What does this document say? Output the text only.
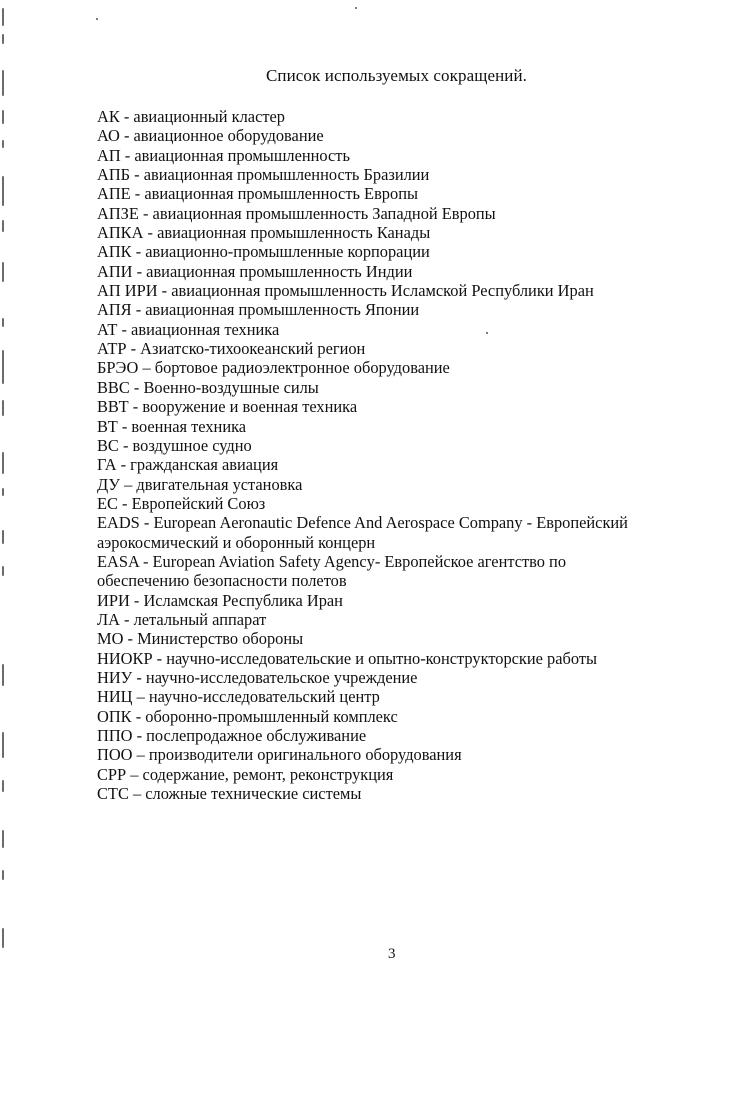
Список используемых сокращений.
АК - авиационный кластер
АО - авиационное оборудование
АП - авиационная промышленность
АПБ - авиационная промышленность Бразилии
АПЕ - авиационная промышленность Европы
АПЗЕ - авиационная промышленность Западной Европы
АПКА - авиационная промышленность Канады
АПК - авиационно-промышленные корпорации
АПИ - авиационная промышленность Индии
АП ИРИ - авиационная промышленность Исламской Республики Иран
АПЯ - авиационная промышленность Японии
АТ - авиационная техника
АТР - Азиатско-тихоокеанский регион
БРЭО – бортовое радиоэлектронное оборудование
ВВС - Военно-воздушные силы
ВВТ - вооружение и военная техника
ВТ - военная техника
ВС - воздушное судно
ГА - гражданская авиация
ДУ – двигательная установка
ЕС - Европейский Союз
EADS - European Aeronautic Defence And Aerospace Company - Европейский
аэрокосмический и оборонный концерн
EASA - European Aviation Safety Agency- Европейское агентство по
обеспечению безопасности полетов
ИРИ - Исламская Республика Иран
ЛА - летальный аппарат
МО - Министерство обороны
НИОКР - научно-исследовательские и опытно-конструкторские работы
НИУ - научно-исследовательское учреждение
НИЦ – научно-исследовательский центр
ОПК - оборонно-промышленный комплекс
ППО - послепродажное обслуживание
ПОО – производители оригинального оборудования
СРР – содержание, ремонт, реконструкция
СТС – сложные технические системы
3
